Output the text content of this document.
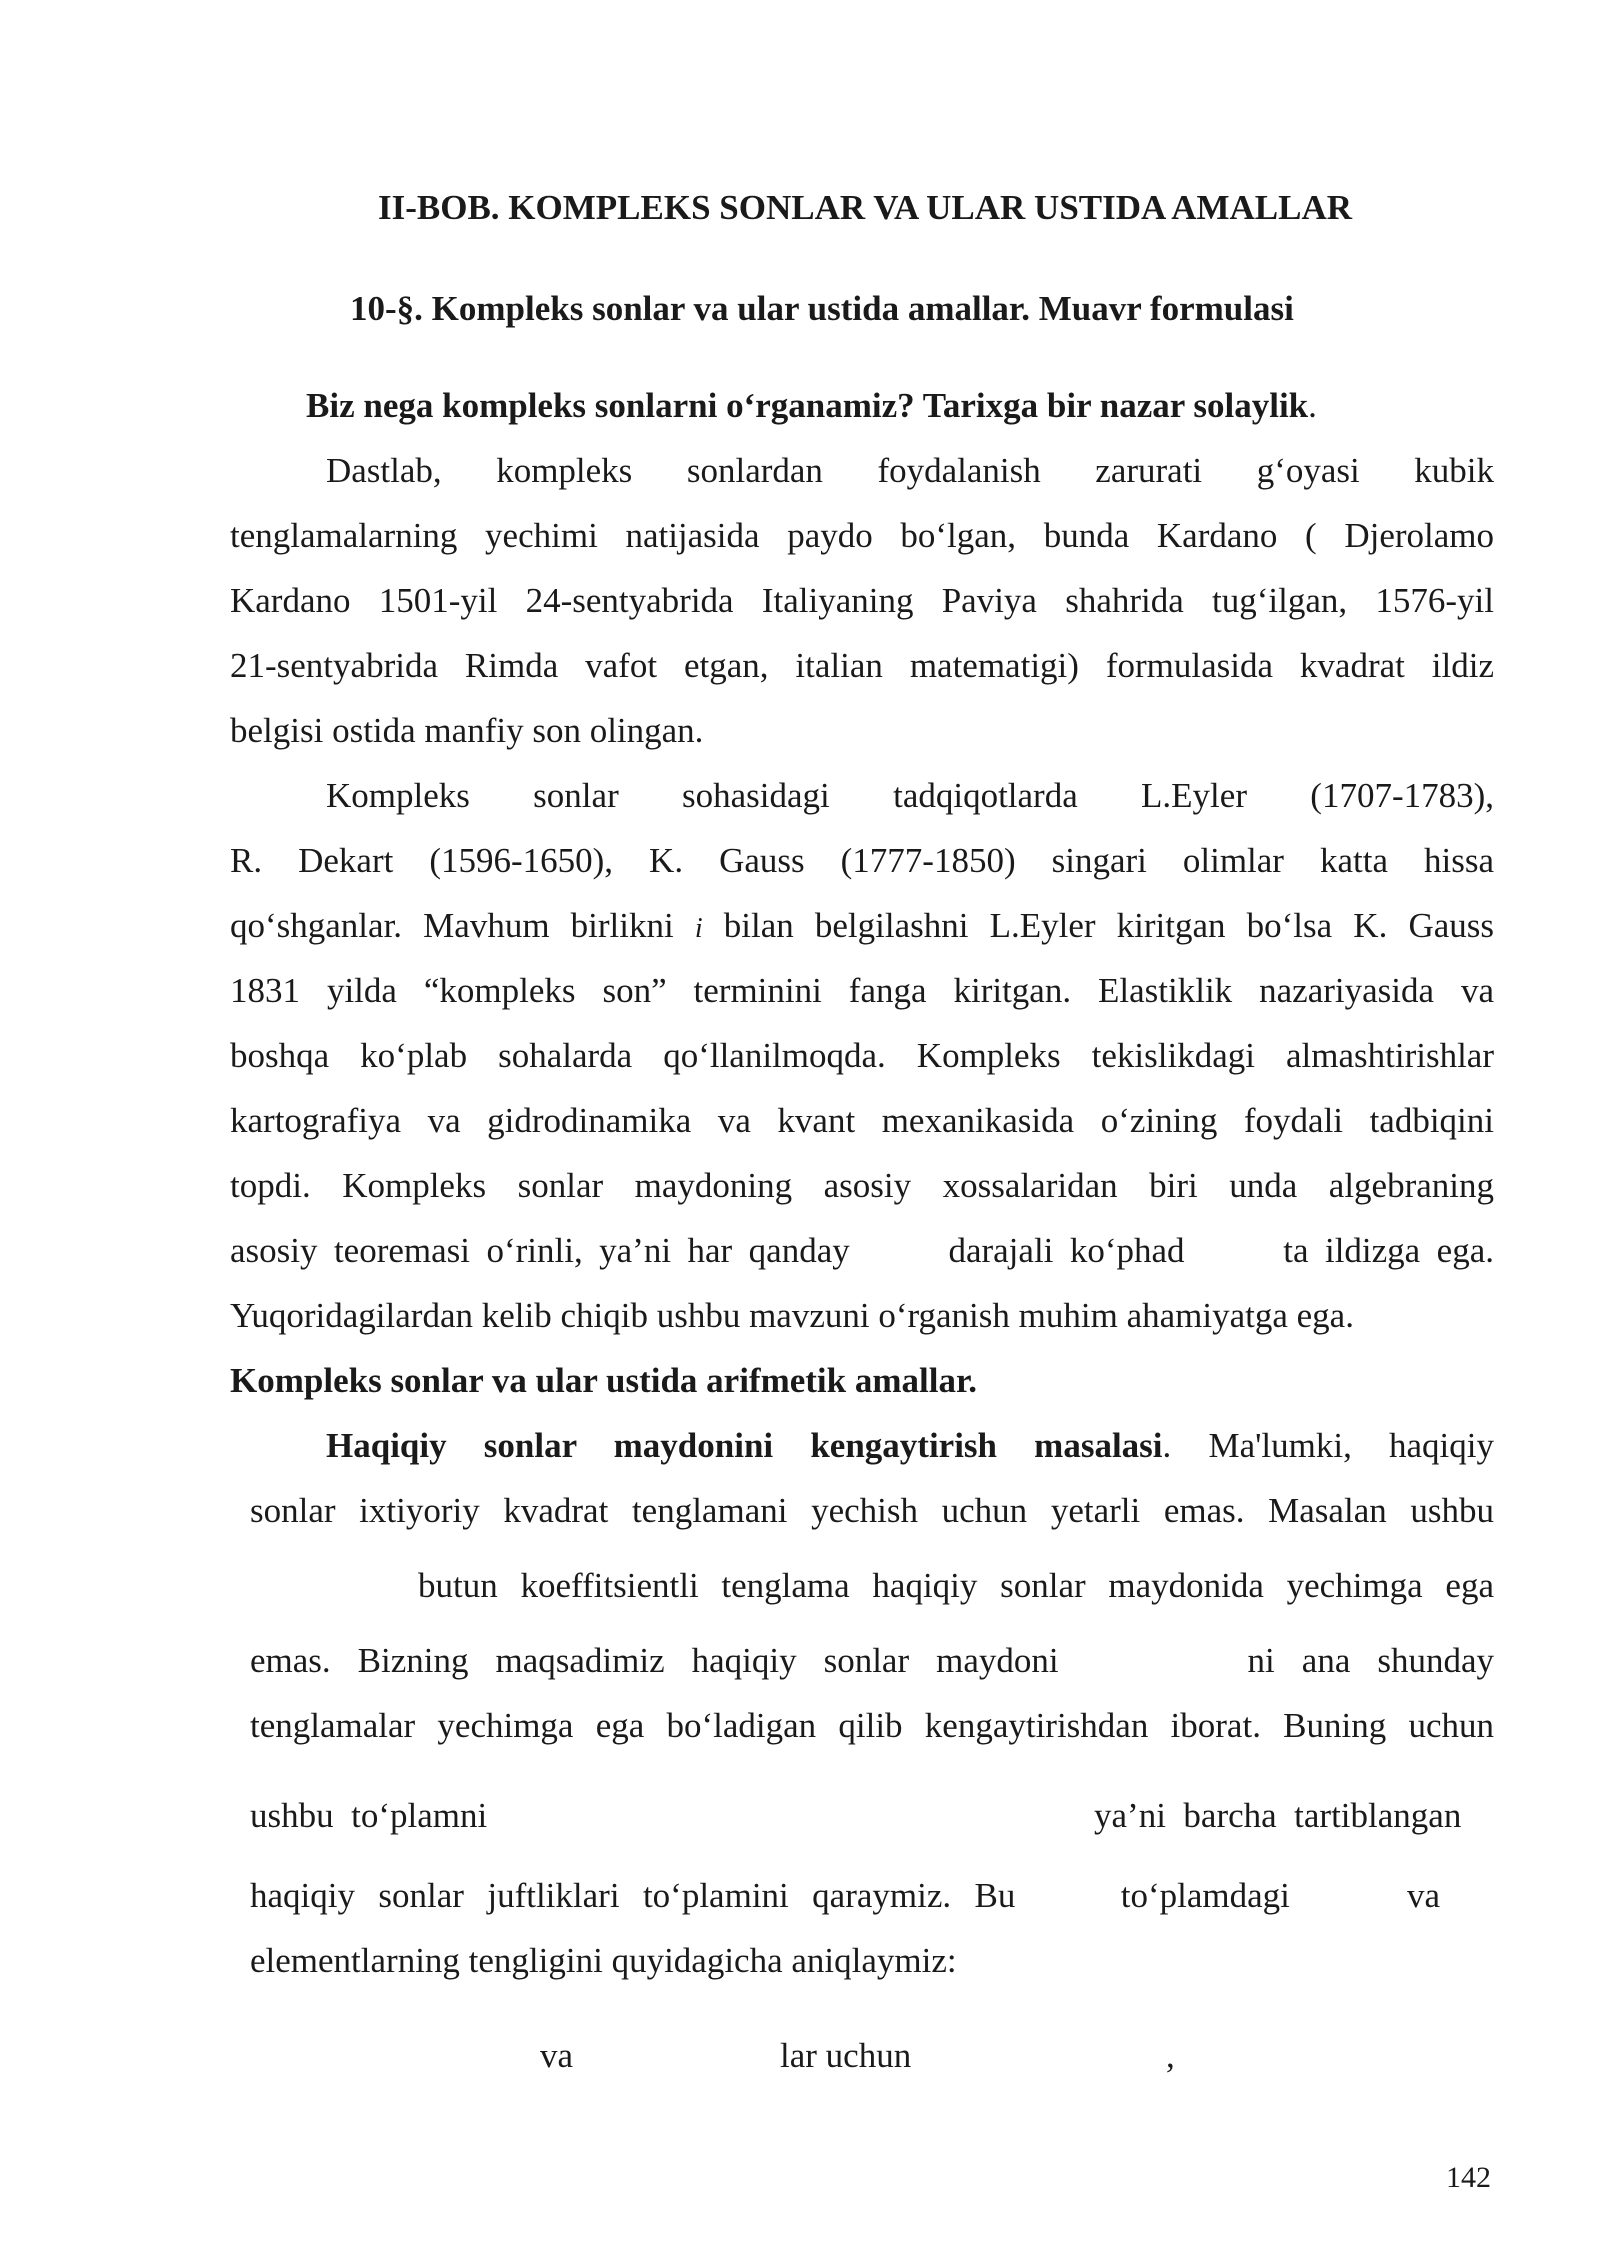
II-BOB. KOMPLEKS SONLAR VA ULAR USTIDA AMALLAR
10-§. Kompleks sonlar va ular ustida amallar. Muavr formulasi
Biz nega kompleks sonlarni o‘rganamiz? Tarixga bir nazar solaylik.
Dastlab, kompleks sonlardan foydalanish zarurati g‘oyasi kubik
tenglamalarning yechimi natijasida paydo bo‘lgan, bunda Kardano ( Djerolamo
Kardano 1501-yil 24-sentyabrida Italiyaning Paviya shahrida tug‘ilgan, 1576-yil
21-sentyabrida Rimda vafot etgan, italian matematigi) formulasida kvadrat ildiz
belgisi ostida manfiy son olingan.
Kompleks sonlar sohasidagi tadqiqotlarda L.Eyler (1707-1783),
R. Dekart (1596-1650), K. Gauss (1777-1850) singari olimlar katta hissa
qo‘shganlar. Mavhum birlikni i bilan belgilashni L.Eyler kiritgan bo‘lsa K. Gauss
1831 yilda “kompleks son” terminini fanga kiritgan. Elastiklik nazariyasida va
boshqa ko‘plab sohalarda qo‘llanilmoqda. Kompleks tekislikdagi almashtirishlar
kartografiya va gidrodinamika va kvant mexanikasida o‘zining foydali tadbiqini
topdi. Kompleks sonlar maydoning asosiy xossalaridan biri unda algebraning
asosiy teoremasi o‘rinli, ya’ni har qanday      darajali ko‘phad      ta ildizga ega.
Yuqoridagilardan kelib chiqib ushbu mavzuni o‘rganish muhim ahamiyatga ega.
Kompleks sonlar va ular ustida arifmetik amallar.
Haqiqiy sonlar maydonini kengaytirish masalasi. Ma'lumki, haqiqiy
sonlar ixtiyoriy kvadrat tenglamani yechish uchun yetarli emas. Masalan ushbu
butun koeffitsientli tenglama haqiqiy sonlar maydonida yechimga ega
emas. Bizning maqsadimiz haqiqiy sonlar maydoni       ni ana shunday
tenglamalar yechimga ega bo‘ladigan qilib kengaytirishdan iborat. Buning uchun
ushbu  to‘plamni	ya’ni  barcha  tartiblangan
haqiqiy  sonlar  juftliklari  to‘plamini  qaraymiz.  Bu         to‘plamdagi          va
elementlarning tengligini quyidagicha aniqlaymiz:
va	lar uchun	,
142
